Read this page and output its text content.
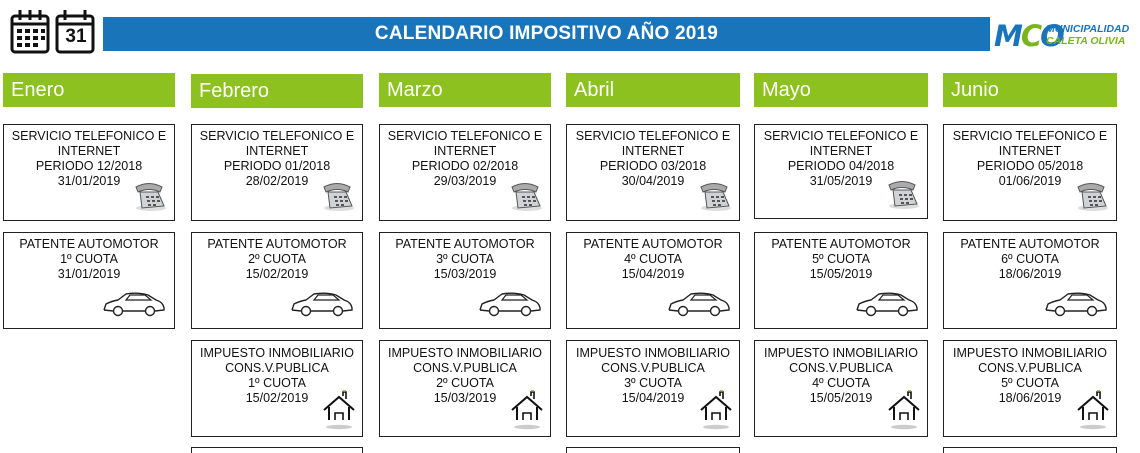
31	CALENDARIO IMPOSITIVO AÑO 2019	MCO
MUNICIPALIDAD
CALETA OLIVIA
Enero
SERVICIO TELEFONICO E
INTERNET
PERIODO 12/2018
31/01/2019
PATENTE AUTOMOTOR
1º CUOTA
31/01/2019
Febrero
SERVICIO TELEFONICO E
INTERNET
PERIODO 01/2018
28/02/2019
PATENTE AUTOMOTOR
2º CUOTA
15/02/2019
IMPUESTO INMOBILIARIO
CONS.V.PUBLICA
1º CUOTA
15/02/2019
Marzo
SERVICIO TELEFONICO E
INTERNET
PERIODO 02/2018
29/03/2019
PATENTE AUTOMOTOR
3º CUOTA
15/03/2019
IMPUESTO INMOBILIARIO
CONS.V.PUBLICA
2º CUOTA
15/03/2019
Abril
SERVICIO TELEFONICO E
INTERNET
PERIODO 03/2018
30/04/2019
PATENTE AUTOMOTOR
4º CUOTA
15/04/2019
IMPUESTO INMOBILIARIO
CONS.V.PUBLICA
3º CUOTA
15/04/2019
Mayo
SERVICIO TELEFONICO E
INTERNET
PERIODO 04/2018
31/05/2019
PATENTE AUTOMOTOR
5º CUOTA
15/05/2019
IMPUESTO INMOBILIARIO
CONS.V.PUBLICA
4º CUOTA
15/05/2019
Junio
SERVICIO TELEFONICO E
INTERNET
PERIODO 05/2018
01/06/2019
PATENTE AUTOMOTOR
6º CUOTA
18/06/2019
IMPUESTO INMOBILIARIO
CONS.V.PUBLICA
5º CUOTA
18/06/2019
